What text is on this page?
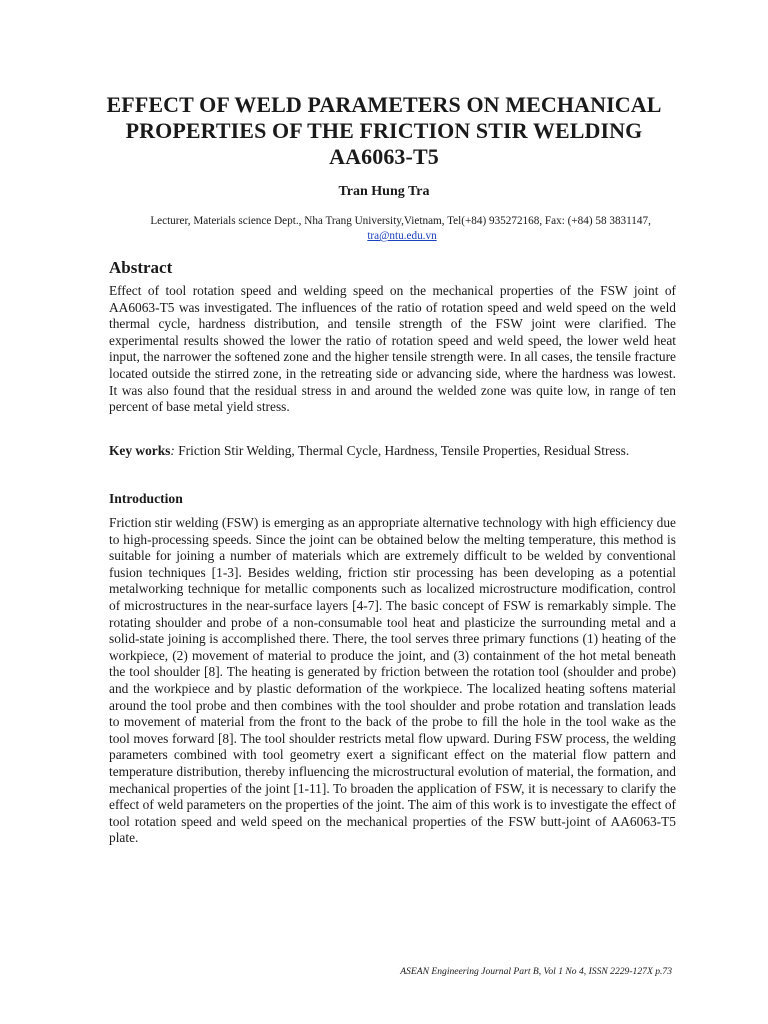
EFFECT OF WELD PARAMETERS ON MECHANICAL PROPERTIES OF THE FRICTION STIR WELDING AA6063-T5
Tran Hung Tra
Lecturer, Materials science Dept., Nha Trang University,Vietnam, Tel(+84) 935272168, Fax: (+84) 58 3831147,  tra@ntu.edu.vn
Abstract

Effect of tool rotation speed and welding speed on the mechanical properties of the FSW joint of AA6063-T5 was investigated. The influences of the ratio of rotation speed and weld speed on the weld thermal cycle, hardness distribution, and tensile strength of the FSW joint were clarified. The experimental results showed the lower the ratio of rotation speed and weld speed, the lower weld heat input, the narrower the softened zone and the higher tensile strength were. In all cases, the tensile fracture located outside the stirred zone, in the retreating side or advancing side, where the hardness was lowest. It was also found that the residual stress in and around the welded zone was quite low, in range of ten percent of base metal yield stress.

Key works: Friction Stir Welding, Thermal Cycle, Hardness, Tensile Properties, Residual Stress.

Introduction

Friction stir welding (FSW) is emerging as an appropriate alternative technology with high efficiency due to high-processing speeds. Since the joint can be obtained below the melting temperature, this method is suitable for joining a number of materials which are extremely difficult to be welded by conventional fusion techniques [1-3]. Besides welding, friction stir processing has been developing as a potential metalworking technique for metallic components such as localized microstructure modification, control of microstructures in the near-surface layers [4-7]. The basic concept of FSW is remarkably simple. The rotating shoulder and probe of a non-consumable tool heat and plasticize the surrounding metal and a solid-state joining is accomplished there. There, the tool serves three primary functions (1) heating of the workpiece, (2) movement of material to produce the joint, and (3) containment of the hot metal beneath the tool shoulder [8]. The heating is generated by friction between the rotation tool (shoulder and probe) and the workpiece and by plastic deformation of the workpiece. The localized heating softens material around the tool probe and then combines with the tool shoulder and probe rotation and translation leads to movement of material from the front to the back of the probe to fill the hole in the tool wake as the tool moves forward [8]. The tool shoulder restricts metal flow upward. During FSW process, the welding parameters combined with tool geometry exert a significant effect on the material flow pattern and temperature distribution, thereby influencing the microstructural evolution of material, the formation, and mechanical properties of the joint [1-11]. To broaden the application of FSW, it is necessary to clarify the effect of weld parameters on the properties of the joint. The aim of this work is to investigate the effect of tool rotation speed and weld speed on the mechanical properties of the FSW butt-joint of AA6063-T5 plate.

ASEAN Engineering Journal Part B, Vol 1 No 4, ISSN 2229-127X p.73
